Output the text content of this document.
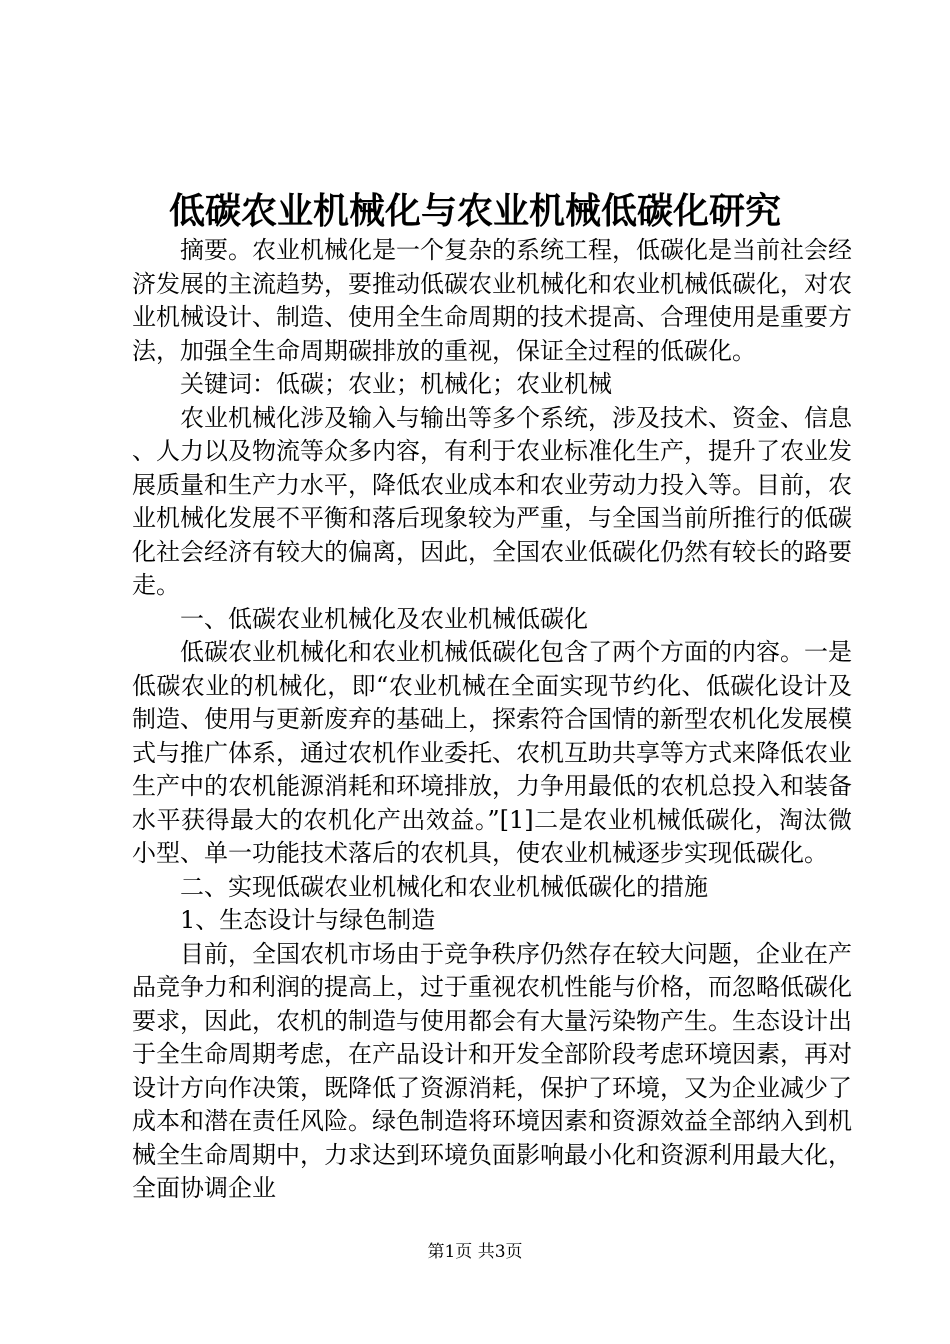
低碳农业机械化与农业机械低碳化研究

摘要。农业机械化是一个复杂的系统工程，低碳化是当前社会经济发展的主流趋势，要推动低碳农业机械化和农业机械低碳化，对农业机械设计、制造、使用全生命周期的技术提高、合理使用是重要方法，加强全生命周期碳排放的重视，保证全过程的低碳化。

关键词：低碳；农业；机械化；农业机械

农业机械化涉及输入与输出等多个系统，涉及技术、资金、信息、人力以及物流等众多内容，有利于农业标准化生产，提升了农业发展质量和生产力水平，降低农业成本和农业劳动力投入等。目前，农业机械化发展不平衡和落后现象较为严重，与全国当前所推行的低碳化社会经济有较大的偏离，因此，全国农业低碳化仍然有较长的路要走。

一、低碳农业机械化及农业机械低碳化

低碳农业机械化和农业机械低碳化包含了两个方面的内容。一是低碳农业的机械化，即“农业机械在全面实现节约化、低碳化设计及制造、使用与更新废弃的基础上，探索符合国情的新型农机化发展模式与推广体系，通过农机作业委托、农机互助共享等方式来降低农业生产中的农机能源消耗和环境排放，力争用最低的农机总投入和装备水平获得最大的农机化产出效益。”[1]二是农业机械低碳化，淘汰微小型、单一功能技术落后的农机具，使农业机械逐步实现低碳化。

二、实现低碳农业机械化和农业机械低碳化的措施

1、生态设计与绿色制造

目前，全国农机市场由于竞争秩序仍然存在较大问题，企业在产品竞争力和利润的提高上，过于重视农机性能与价格，而忽略低碳化要求，因此，农机的制造与使用都会有大量污染物产生。生态设计出于全生命周期考虑，在产品设计和开发全部阶段考虑环境因素，再对设计方向作决策，既降低了资源消耗，保护了环境，又为企业减少了成本和潜在责任风险。绿色制造将环境因素和资源效益全部纳入到机械全生命周期中，力求达到环境负面影响最小化和资源利用最大化，全面协调企业

第1页 共3页
